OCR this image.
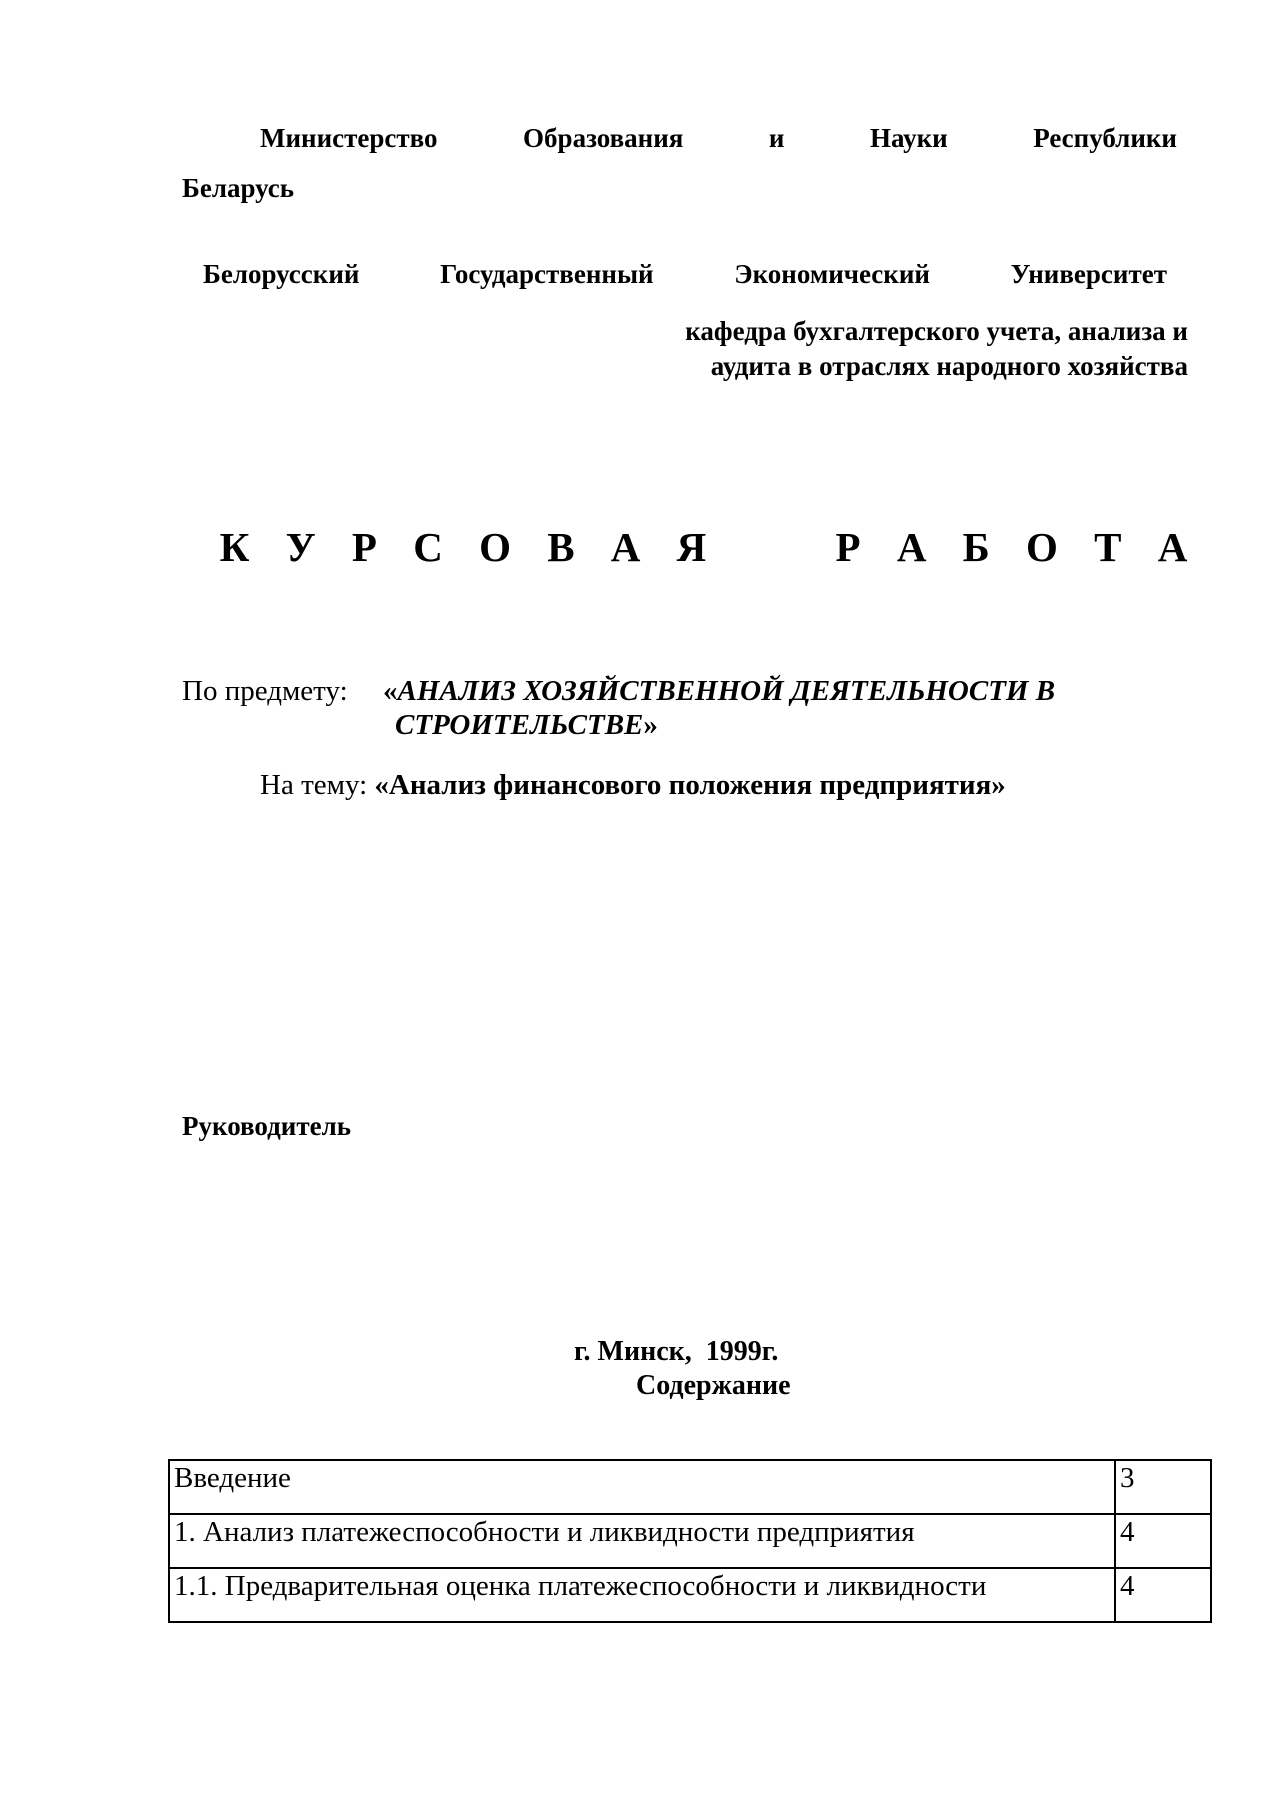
Министерство	Образования	и	Науки	Республики
Беларусь
Белорусский	Государственный	Экономический	Университет
кафедра бухгалтерского учета, анализа и
аудита в отраслях народного хозяйства
К У Р С О В А Я     Р А Б О Т А
По предмету: «АНАЛИЗ ХОЗЯЙСТВЕННОЙ ДЕЯТЕЛЬНОСТИ В
СТРОИТЕЛЬСТВЕ»
На тему: «Анализ финансового положения предприятия»
Руководитель
г. Минск,  1999г.
Содержание
Введение	3
1. Анализ платежеспособности и ликвидности предприятия	4
1.1. Предварительная оценка платежеспособности и ликвидности	4
